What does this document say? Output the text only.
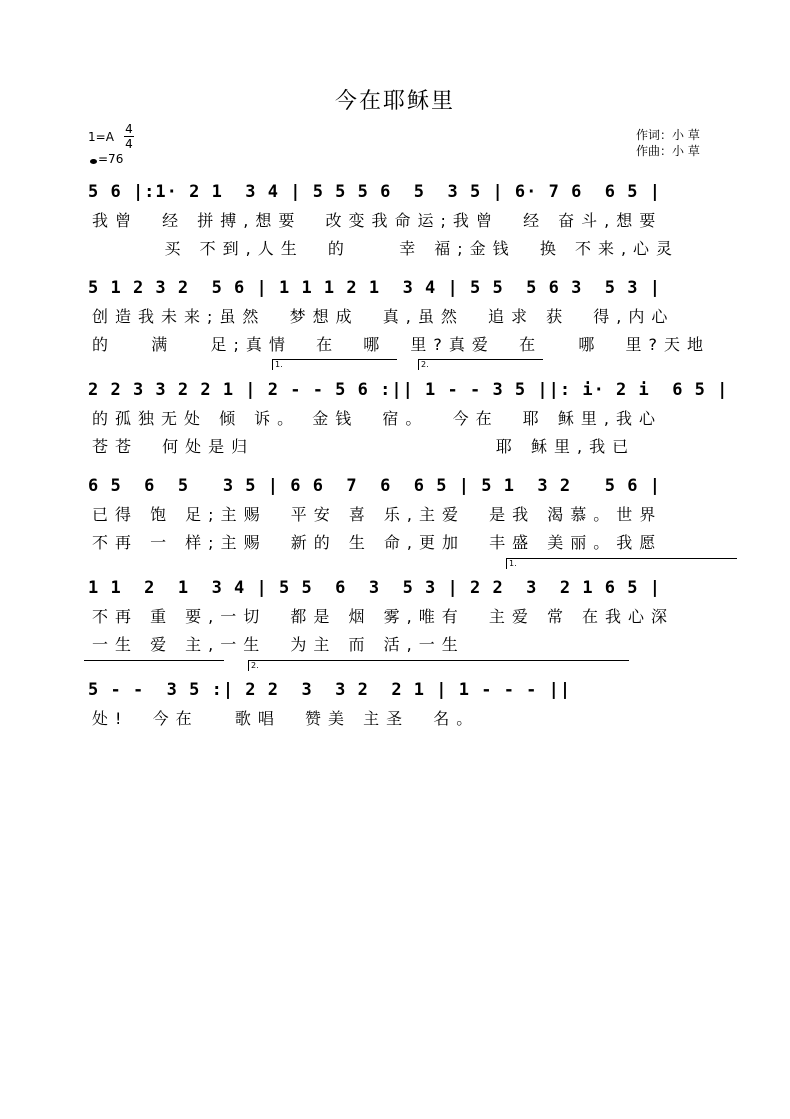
今在耶稣里
1=A
4
4
=76
作词：小 草
作曲：小 草
5 6 |:1· 2 1  3 4 | 5 5 5 6  5  3 5 | 6· 7 6  6 5 |
我曾  经 拼搏,想要  改变我命运;我曾  经 奋斗,想要
买 不到,人生  的    幸 福;金钱  换 不来,心灵
5 1 2 3 2  5 6 | 1 1 1 2 1  3 4 | 5 5  5 6 3  5 3 |
创造我未来;虽然  梦想成  真,虽然  追求 获  得,内心
的   满   足;真情  在  哪  里?真爱  在   哪  里?天地
1.	2.
2 2 3 3 2 2 1 | 2 - - 5 6 :|| 1 - - 3 5 ||: i· 2 i  6 5 |
的孤独无处 倾 诉。 金钱  宿。  今在  耶 稣里,我心
苍苍  何处是归                    耶 稣里,我已
6 5  6  5   3 5 | 6 6  7  6  6 5 | 5 1  3 2   5 6 |
已得 饱 足;主赐  平安 喜 乐,主爱  是我 渴慕。世界
不再 一 样;主赐  新的 生 命,更加  丰盛 美丽。我愿
1.
1 1  2  1  3 4 | 5 5  6  3  5 3 | 2 2  3  2 1 6 5 |
不再 重 要,一切  都是 烟 雾,唯有  主爱 常 在我心深
一生 爱 主,一生  为主 而 活,一生
2.
5 - -  3 5 :| 2 2  3  3 2  2 1 | 1 - - - ||
处!  今在   歌唱  赞美 主圣  名。
